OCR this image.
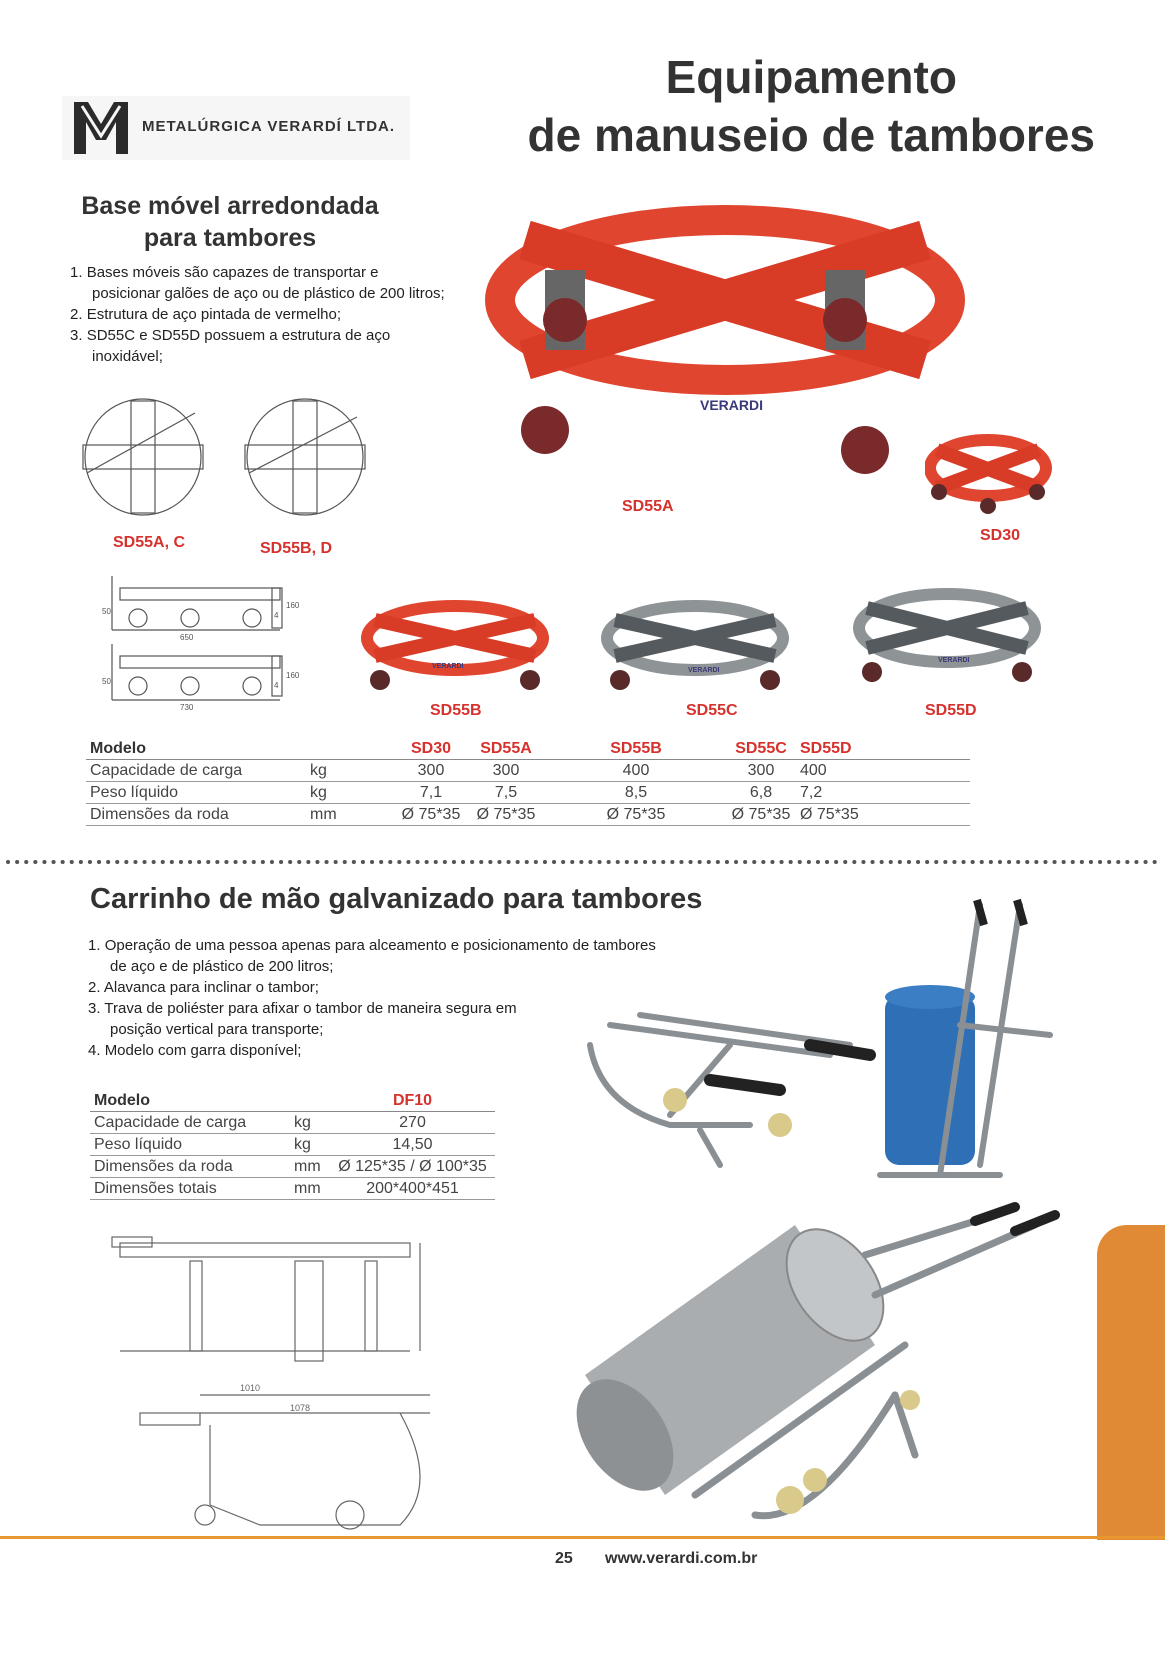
Equipamento
de manuseio de tambores
METALÚRGICA VERARDÍ LTDA.
Base móvel arredondada
para tambores
1. Bases móveis são capazes de transportar e
posicionar galões de aço ou de plástico de 200 litros;
2. Estrutura de aço pintada de vermelho;
3. SD55C e SD55D possuem a estrutura de aço
inoxidável;
SD55A, C	SD55B, D
650
730
50
160
4
50
160
4
VERARDI
SD55A
SD30
VERARDI
SD55B
VERARDI
SD55C
VERARDI
SD55D
Modelo		SD30	SD55A	SD55B	SD55C	SD55D
Capacidade de carga	kg	300	300	400	300	400
Peso líquido	kg	7,1	7,5	8,5	6,8	7,2
Dimensões da roda	mm	Ø 75*35	Ø 75*35	Ø 75*35	Ø 75*35	Ø 75*35
Carrinho de mão galvanizado para tambores
1. Operação de uma pessoa apenas para alceamento e posicionamento de tambores
de aço e de plástico de 200 litros;
2. Alavanca para inclinar o tambor;
3. Trava de poliéster para afixar o tambor de maneira segura em
posição vertical para transporte;
4. Modelo com garra disponível;
Modelo		DF10
Capacidade de carga	kg	270
Peso líquido	kg	14,50
Dimensões da roda	mm	Ø 125*35 / Ø 100*35
Dimensões totais	mm	200*400*451
1010
1078
25 www.verardi.com.br
